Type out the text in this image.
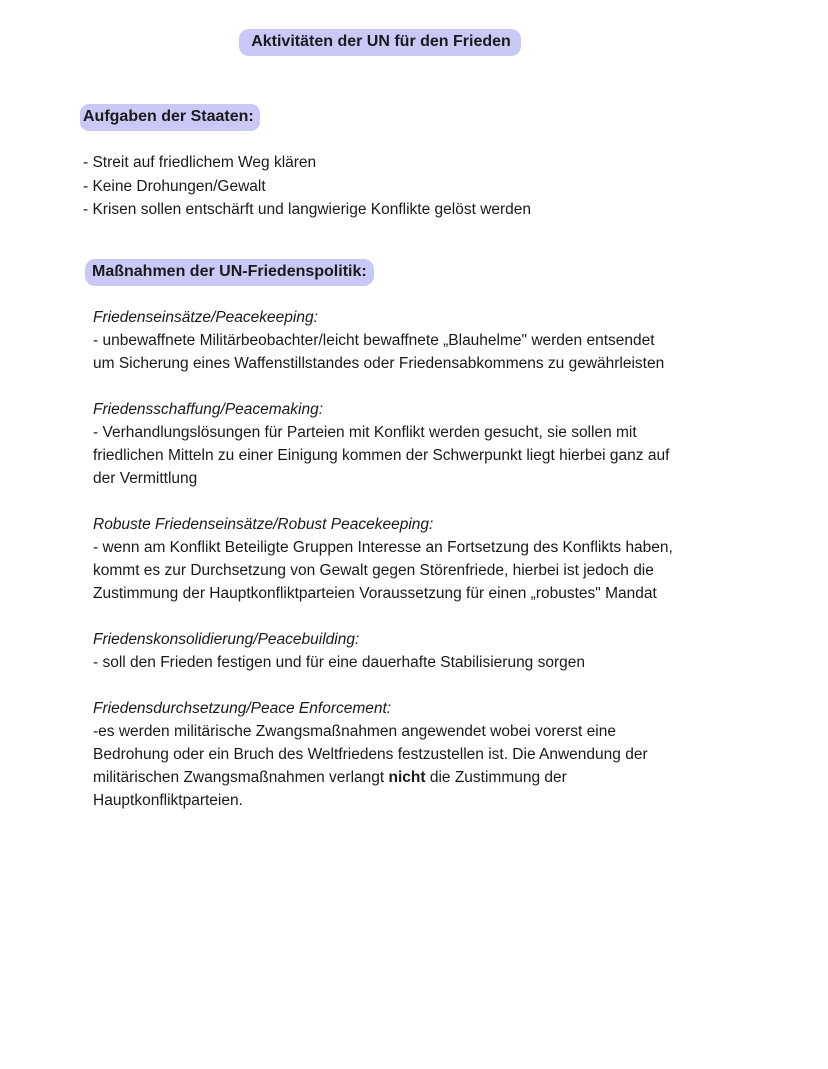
Aktivitäten der UN für den Frieden
Aufgaben der Staaten:
- Streit auf friedlichem Weg klären
- Keine Drohungen/Gewalt
- Krisen sollen entschärft und langwierige Konflikte gelöst werden
Maßnahmen der UN-Friedenspolitik:

Friedenseinsätze/Peacekeeping:

- unbewaffnete Militärbeobachter/leicht bewaffnete „Blauhelme" werden entsendet

um Sicherung eines Waffenstillstandes oder Friedensabkommens zu gewährleisten

Friedensschaffung/Peacemaking:

- Verhandlungslösungen für Parteien mit Konflikt werden gesucht, sie sollen mit

friedlichen Mitteln zu einer Einigung kommen der Schwerpunkt liegt hierbei ganz auf

der Vermittlung

Robuste Friedenseinsätze/Robust Peacekeeping:

- wenn am Konflikt Beteiligte Gruppen Interesse an Fortsetzung des Konflikts haben,

kommt es zur Durchsetzung von Gewalt gegen Störenfriede, hierbei ist jedoch die

Zustimmung der Hauptkonfliktparteien Voraussetzung für einen „robustes" Mandat

Friedenskonsolidierung/Peacebuilding:

- soll den Frieden festigen und für eine dauerhafte Stabilisierung sorgen

Friedensdurchsetzung/Peace Enforcement:

-es werden militärische Zwangsmaßnahmen angewendet wobei vorerst eine

Bedrohung oder ein Bruch des Weltfriedens festzustellen ist. Die Anwendung der

militärischen Zwangsmaßnahmen verlangt nicht die Zustimmung der

Hauptkonfliktparteien.
